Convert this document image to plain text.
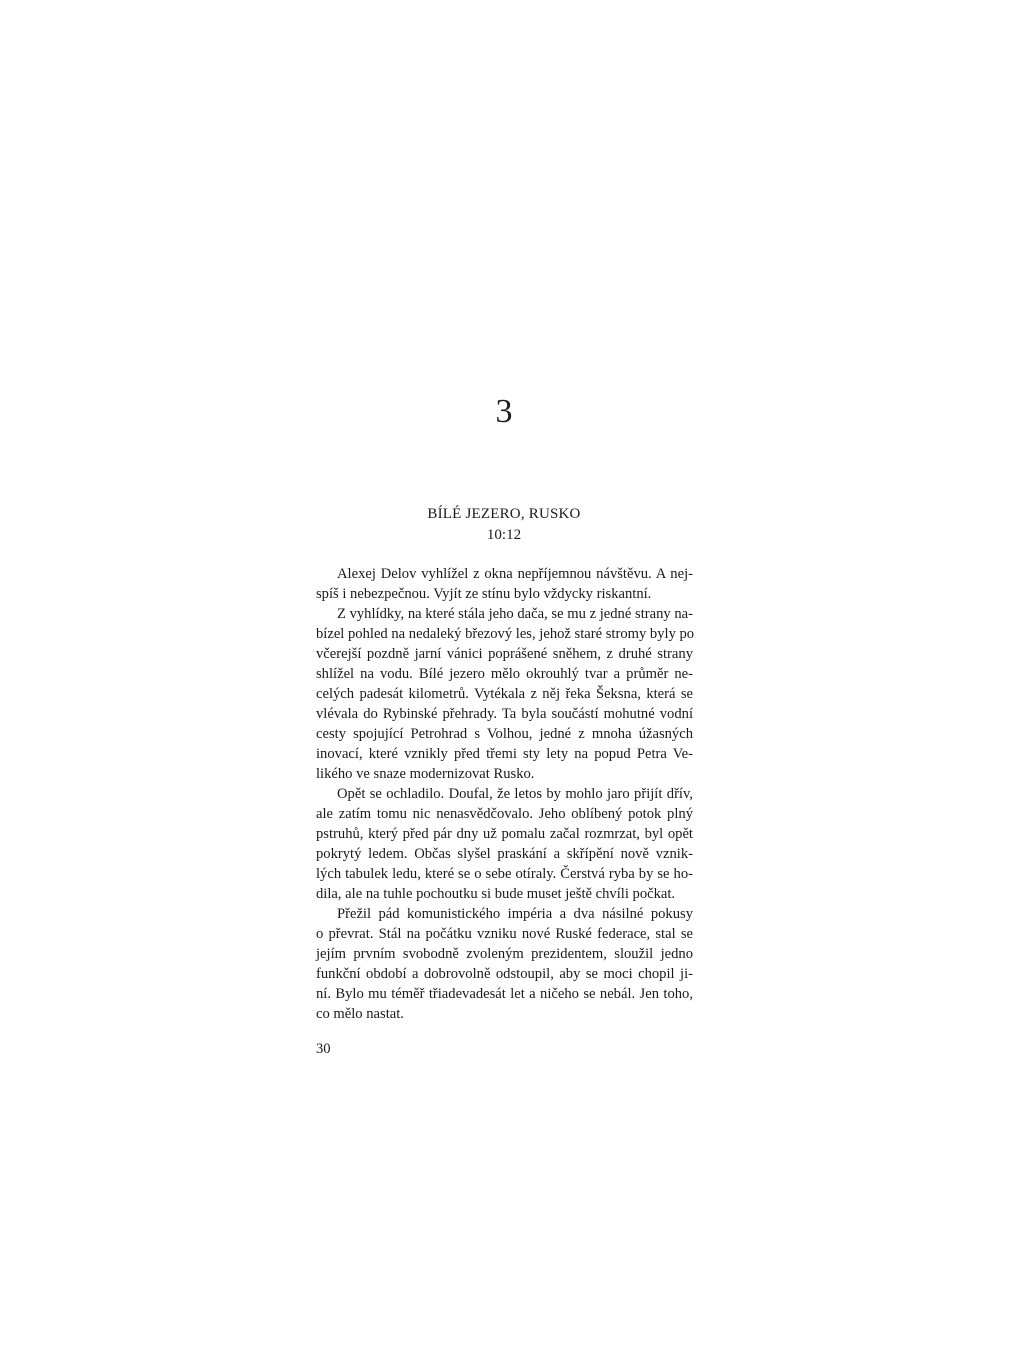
3
BÍLÉ JEZERO, RUSKO
10:12
Alexej Delov vyhlížel z okna nepříjemnou návštěvu. A nej-
spíš i nebezpečnou. Vyjít ze stínu bylo vždycky riskantní.
Z vyhlídky, na které stála jeho dača, se mu z jedné strany na-
bízel pohled na nedaleký březový les, jehož staré stromy byly po
včerejší pozdně jarní vánici poprášené sněhem, z druhé strany
shlížel na vodu. Bílé jezero mělo okrouhlý tvar a průměr ne-
celých padesát kilometrů. Vytékala z něj řeka Šeksna, která se
vlévala do Rybinské přehrady. Ta byla součástí mohutné vodní
cesty spojující Petrohrad s Volhou, jedné z mnoha úžasných
inovací, které vznikly před třemi sty lety na popud Petra Ve-
likého ve snaze modernizovat Rusko.
Opět se ochladilo. Doufal, že letos by mohlo jaro přijít dřív,
ale zatím tomu nic nenasvědčovalo. Jeho oblíbený potok plný
pstruhů, který před pár dny už pomalu začal rozmrzat, byl opět
pokrytý ledem. Občas slyšel praskání a skřípění nově vznik-
lých tabulek ledu, které se o sebe otíraly. Čerstvá ryba by se ho-
dila, ale na tuhle pochoutku si bude muset ještě chvíli počkat.
Přežil pád komunistického impéria a dva násilné pokusy
o převrat. Stál na počátku vzniku nové Ruské federace, stal se
jejím prvním svobodně zvoleným prezidentem, sloužil jedno
funkční období a dobrovolně odstoupil, aby se moci chopil ji-
ní. Bylo mu téměř třiadevadesát let a ničeho se nebál. Jen toho,
co mělo nastat.
30
